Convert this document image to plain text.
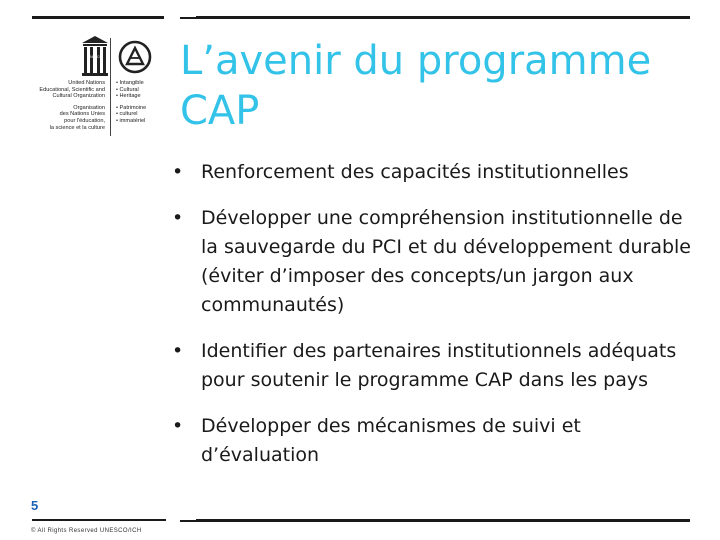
UNESCO
United Nations
Educational, Scientific and
Cultural Organization
Organisation
des Nations Unies
pour l'éducation,
la science et la culture
• Intangible
• Cultural
• Heritage
• Patrimoine
• culturel
• immatériel
L’avenir du programme CAP
• Renforcement des capacités institutionnelles
• Développer une compréhension institutionnelle de la sauvegarde du PCI et du développement durable (éviter d’imposer des concepts/un jargon aux communautés)
• Identifier des partenaires institutionnels adéquats pour soutenir le programme CAP dans les pays
• Développer des mécanismes de suivi et d’évaluation
5
© All Rights Reserved UNESCO/ICH
